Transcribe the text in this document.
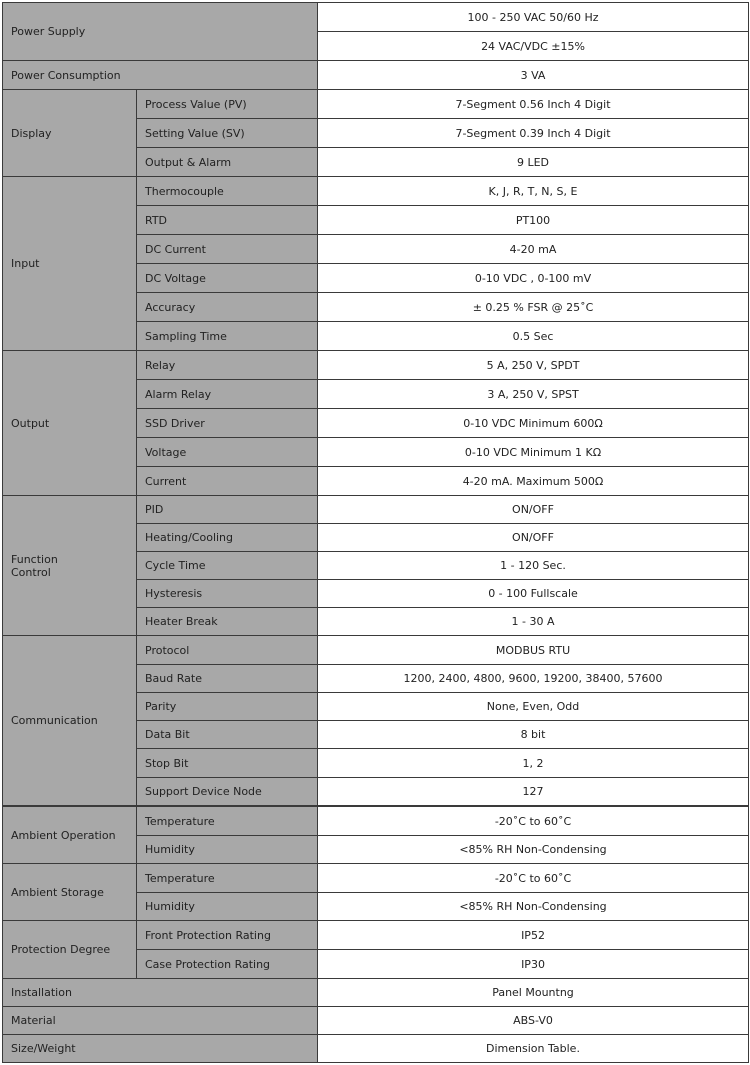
Power Supply		100 - 250 VAC 50/60 Hz
		24 VAC/VDC ±15%
Power Consumption		3 VA
Display	Process Value (PV)	7-Segment 0.56 Inch 4 Digit
	Setting Value (SV)	7-Segment 0.39 Inch 4 Digit
	Output & Alarm	9 LED
Input	Thermocouple	K, J, R, T, N, S, E
	RTD	PT100
	DC Current	4-20 mA
	DC Voltage	0-10 VDC , 0-100 mV
	Accuracy	± 0.25 % FSR @ 25˚C
	Sampling Time	0.5 Sec
Output	Relay	5 A, 250 V, SPDT
	Alarm Relay	3 A, 250 V, SPST
	SSD Driver	0-10 VDC Minimum 600Ω
	Voltage	0-10 VDC Minimum 1 KΩ
	Current	4-20 mA. Maximum 500Ω
Function
Control	PID	ON/OFF
	Heating/Cooling	ON/OFF
	Cycle Time	1 - 120 Sec.
	Hysteresis	0 - 100 Fullscale
	Heater Break	1 - 30 A
Communication	Protocol	MODBUS RTU
	Baud Rate	1200, 2400, 4800, 9600, 19200, 38400, 57600
	Parity	None, Even, Odd
	Data Bit	8 bit
	Stop Bit	1, 2
	Support Device Node	127
Ambient Operation	Temperature	-20˚C to 60˚C
	Humidity	<85% RH Non-Condensing
Ambient Storage	Temperature	-20˚C to 60˚C
	Humidity	<85% RH Non-Condensing
Protection Degree	Front Protection Rating	IP52
	Case Protection Rating	IP30
Installation		Panel Mountng
Material		ABS-V0
Size/Weight		Dimension Table.
